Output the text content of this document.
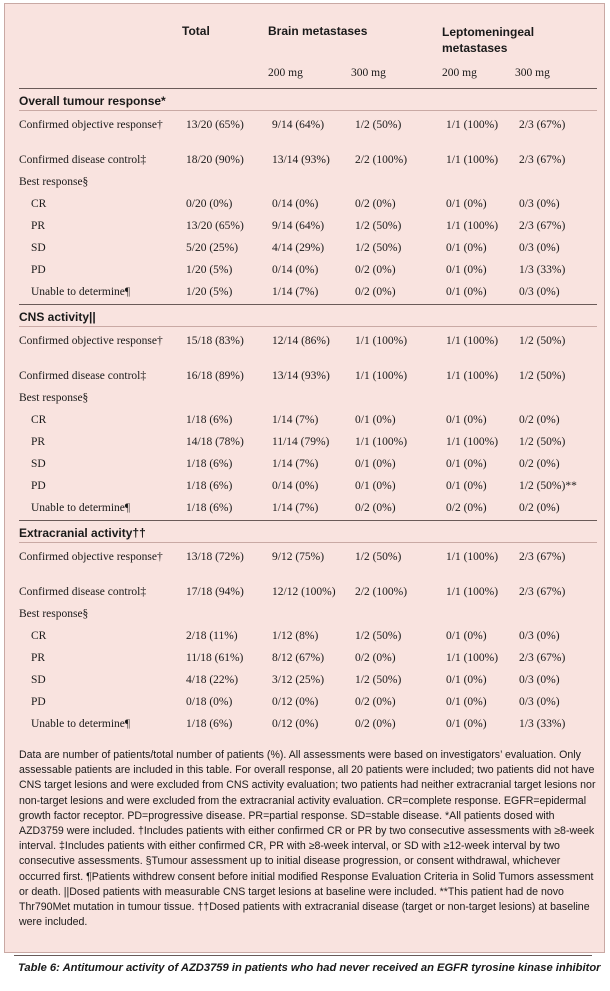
	Total	Brain metastases		Leptomeningeal metastases	
		200 mg	300 mg	200 mg	300 mg
Overall tumour response*					
Confirmed objective response†	13/20 (65%)	9/14 (64%)	1/2 (50%)	1/1 (100%)	2/3 (67%)
Confirmed disease control‡	18/20 (90%)	13/14 (93%)	2/2 (100%)	1/1 (100%)	2/3 (67%)
Best response§					
CR	0/20 (0%)	0/14 (0%)	0/2 (0%)	0/1 (0%)	0/3 (0%)
PR	13/20 (65%)	9/14 (64%)	1/2 (50%)	1/1 (100%)	2/3 (67%)
SD	5/20 (25%)	4/14 (29%)	1/2 (50%)	0/1 (0%)	0/3 (0%)
PD	1/20 (5%)	0/14 (0%)	0/2 (0%)	0/1 (0%)	1/3 (33%)
Unable to determine¶	1/20 (5%)	1/14 (7%)	0/2 (0%)	0/1 (0%)	0/3 (0%)
CNS activity||					
Confirmed objective response†	15/18 (83%)	12/14 (86%)	1/1 (100%)	1/1 (100%)	1/2 (50%)
Confirmed disease control‡	16/18 (89%)	13/14 (93%)	1/1 (100%)	1/1 (100%)	1/2 (50%)
Best response§					
CR	1/18 (6%)	1/14 (7%)	0/1 (0%)	0/1 (0%)	0/2 (0%)
PR	14/18 (78%)	11/14 (79%)	1/1 (100%)	1/1 (100%)	1/2 (50%)
SD	1/18 (6%)	1/14 (7%)	0/1 (0%)	0/1 (0%)	0/2 (0%)
PD	1/18 (6%)	0/14 (0%)	0/1 (0%)	0/1 (0%)	1/2 (50%)**
Unable to determine¶	1/18 (6%)	1/14 (7%)	0/2 (0%)	0/2 (0%)	0/2 (0%)
Extracranial activity††					
Confirmed objective response†	13/18 (72%)	9/12 (75%)	1/2 (50%)	1/1 (100%)	2/3 (67%)
Confirmed disease control‡	17/18 (94%)	12/12 (100%)	2/2 (100%)	1/1 (100%)	2/3 (67%)
Best response§					
CR	2/18 (11%)	1/12 (8%)	1/2 (50%)	0/1 (0%)	0/3 (0%)
PR	11/18 (61%)	8/12 (67%)	0/2 (0%)	1/1 (100%)	2/3 (67%)
SD	4/18 (22%)	3/12 (25%)	1/2 (50%)	0/1 (0%)	0/3 (0%)
PD	0/18 (0%)	0/12 (0%)	0/2 (0%)	0/1 (0%)	0/3 (0%)
Unable to determine¶	1/18 (6%)	0/12 (0%)	0/2 (0%)	0/1 (0%)	1/3 (33%)

Data are number of patients/total number of patients (%). All assessments were based on investigators’ evaluation. Only assessable patients are included in this table. For overall response, all 20 patients were included; two patients did not have CNS target lesions and were excluded from CNS activity evaluation; two patients had neither extracranial target lesions nor non-target lesions and were excluded from the extracranial activity evaluation. CR=complete response. EGFR=epidermal growth factor receptor. PD=progressive disease. PR=partial response. SD=stable disease. *All patients dosed with AZD3759 were included. †Includes patients with either confirmed CR or PR by two consecutive assessments with ≥8-week interval. ‡Includes patients with either confirmed CR, PR with ≥8-week interval, or SD with ≥12-week interval by two consecutive assessments. §Tumour assessment up to initial disease progression, or consent withdrawal, whichever occurred first. ¶Patients withdrew consent before initial modified Response Evaluation Criteria in Solid Tumors assessment or death. ||Dosed patients with measurable CNS target lesions at baseline were included. **This patient had de novo Thr790Met mutation in tumour tissue. ††Dosed patients with extracranial disease (target or non-target lesions) at baseline were included.

Table 6: Antitumour activity of AZD3759 in patients who had never received an EGFR tyrosine kinase inhibitor
